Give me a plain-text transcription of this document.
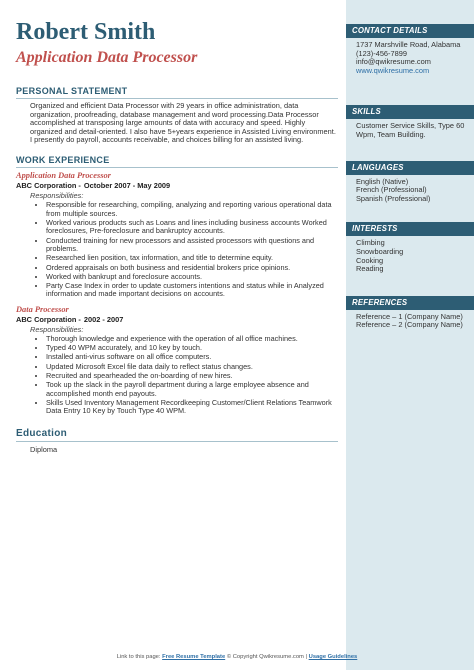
Robert Smith
Application Data Processor
PERSONAL STATEMENT
Organized and efficient Data Processor with 29 years in office administration, data organization, proofreading, database management and word processing.Data Processor accomplished at transposing large amounts of data with accuracy and speed. Highly organized and detail-oriented. I also have 5+years experience in Assisted Living environment. I presently do payroll, accounts receivable, and choices billing for an assisted living.
WORK EXPERIENCE
Application Data Processor
ABC Corporation - October 2007 - May 2009
Responsibilities:
• Responsible for researching, compiling, analyzing and reporting various operational data from multiple sources.
• Worked various products such as Loans and lines including business accounts Worked foreclosures, Pre-foreclosure and bankruptcy accounts.
• Conducted training for new processors and assisted processors with questions and problems.
• Researched lien position, tax information, and title to determine equity.
• Ordered appraisals on both business and residential brokers price opinions.
• Worked with bankrupt and foreclosure accounts.
• Party Case Index in order to update customers intentions and status while in Analyzed information and made important decisions on accounts.
Data Processor
ABC Corporation - 2002 - 2007
Responsibilities:
• Thorough knowledge and experience with the operation of all office machines.
• Typed 40 WPM accurately, and 10 key by touch.
• Installed anti-virus software on all office computers.
• Updated Microsoft Excel file data daily to reflect status changes.
• Recruited and spearheaded the on-boarding of new hires.
• Took up the slack in the payroll department during a large employee absence and accomplished month end payouts.
• Skills Used Inventory Management Recordkeeping Customer/Client Relations Teamwork Data Entry 10 Key by Touch Type 40 WPM.
Education
Diploma
CONTACT DETAILS
1737 Marshville Road, Alabama
(123)-456-7899
info@qwikresume.com
www.qwikresume.com
SKILLS
Customer Service Skills, Type 60 Wpm, Team Building.
LANGUAGES
English (Native)
French (Professional)
Spanish (Professional)
INTERESTS
Climbing
Snowboarding
Cooking
Reading
REFERENCES
Reference – 1 (Company Name)
Reference – 2 (Company Name)
Link to this page: Free Resume Template © Copyright Qwikresume.com | Usage Guidelines
